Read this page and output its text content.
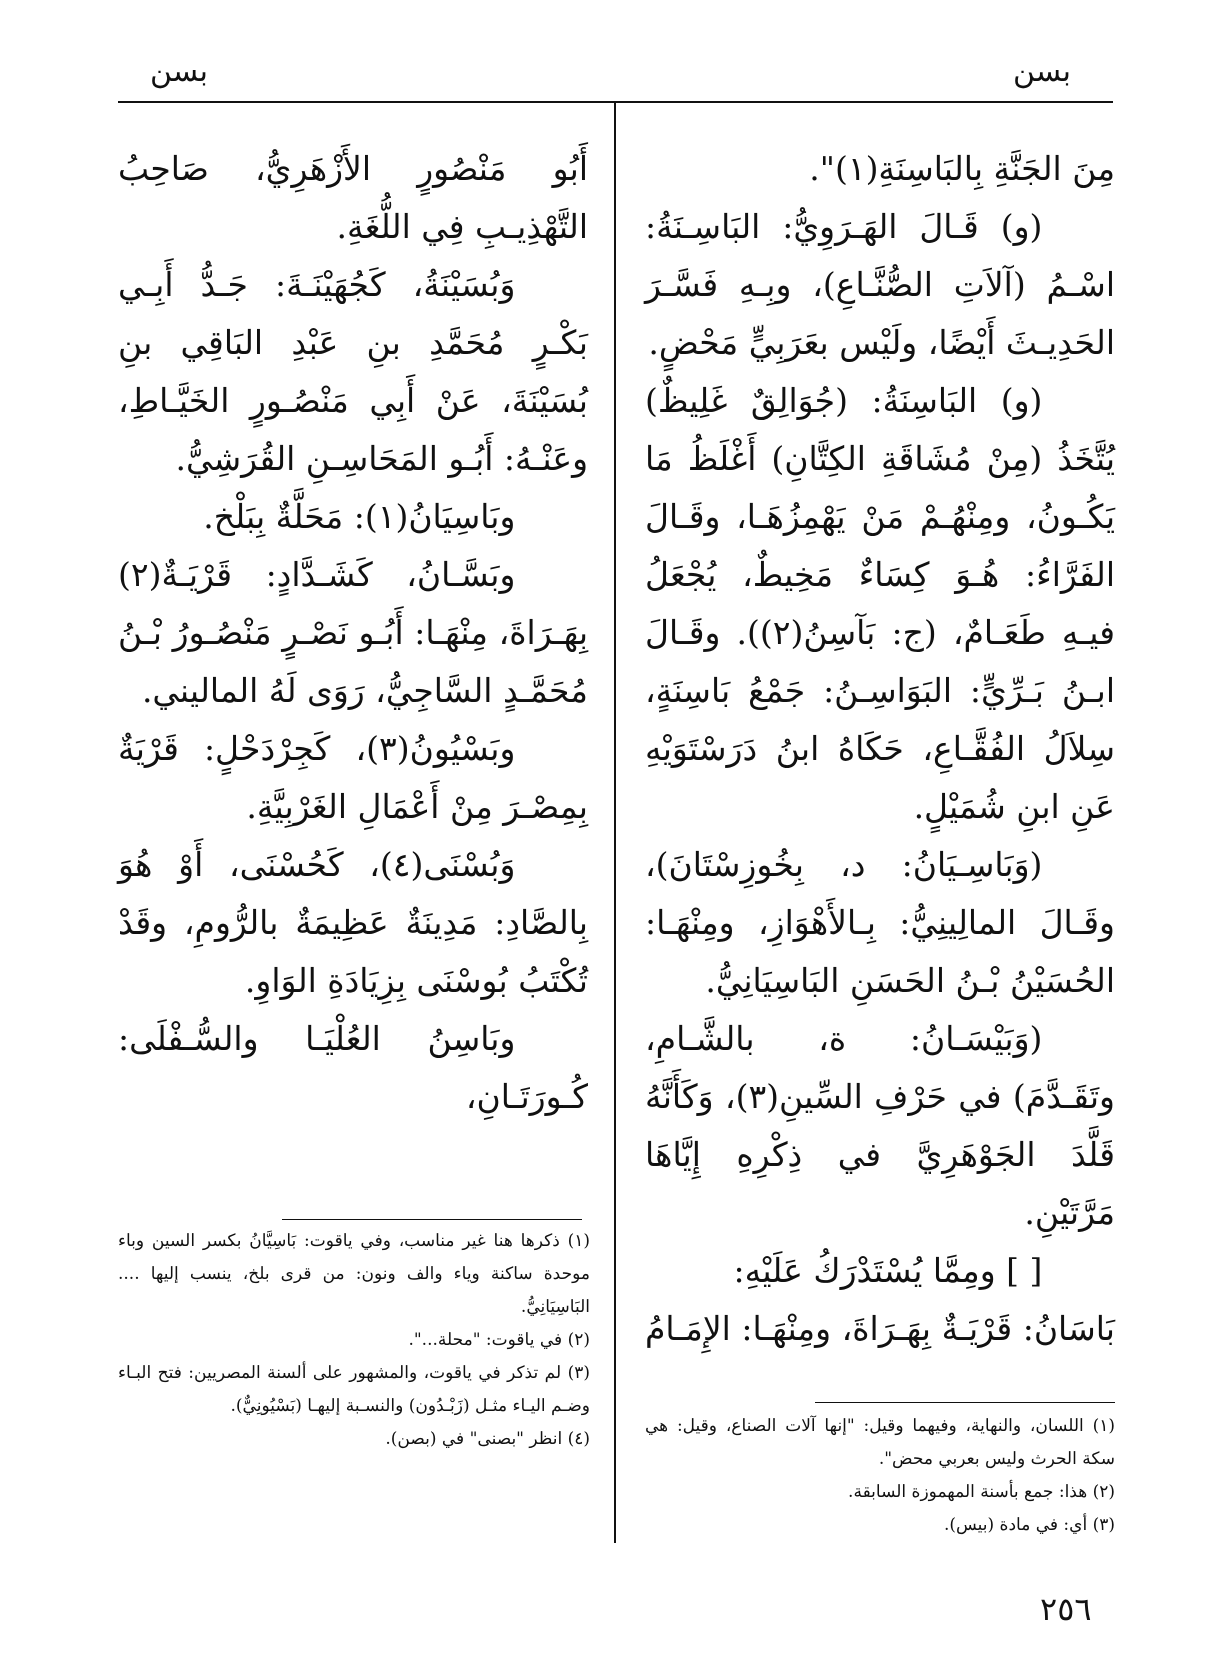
بسن	بسن

مِنَ الجَنَّةِ بِالبَاسِنَةِ(١)".

(و) قَـالَ الهَـرَوِيُّ: البَاسِـنَةُ: اسْـمُ (آلاَتِ الصُّنَّـاعِ)، وبِـهِ فَسَّـرَ الحَدِيـثَ أَيْضًا، ولَيْس بعَرَبِيٍّ مَحْضٍ.

(و) البَاسِنَةُ: (جُوَالِقٌ غَلِيظٌ) يُتَّخَذُ (مِنْ مُشَاقَةِ الكِتَّانِ) أَغْلَظُ مَا يَكُـونُ، ومِنْهُـمْ مَنْ يَهْمِزُهَـا، وقَـالَ الفَرَّاءُ: هُـوَ كِسَاءٌ مَخِيطٌ، يُجْعَلُ فيـهِ طَعَـامٌ، (ج: بَآسِنُ(٢)). وقَـالَ ابـنُ بَـرِّيٍّ: البَوَاسِـنُ: جَمْعُ بَاسِنَةٍ، سِلاَلُ الفُقَّـاعِ، حَكَاهُ ابنُ دَرَسْتَوَيْهِ عَنِ ابنِ شُمَيْلٍ.

(وَبَاسِـيَانُ: د، بِخُوزِسْتَانَ)، وقَـالَ المالِينِيُّ: بِـالأَهْوَازِ، ومِنْهَـا: الحُسَيْنُ بْـنُ الحَسَنِ البَاسِيَانِيُّ.

(وَبَيْسَـانُ: ة، بالشَّـامِ، وتَقَـدَّمَ) في حَرْفِ السِّينِ(٣)، وَكَأَنَّهُ قَلَّدَ الجَوْهَرِيَّ في ذِكْرِهِ إِيَّاهَا مَرَّتَيْنِ.

[ ] ومِمَّا يُسْتَدْرَكُ عَلَيْهِ:

بَاسَانُ: قَرْيَـةٌ بِهَـرَاةَ، ومِنْهَـا: الإِمَـامُ

أَبُو مَنْصُورٍ الأَزْهَرِيُّ، صَاحِبُ التَّهْذِيـبِ فِي اللُّغَةِ.

وَبُسَيْنَةُ، كَجُهَيْنَـةَ: جَـدُّ أَبِـي بَكْـرٍ مُحَمَّدِ بنِ عَبْدِ البَاقِي بنِ بُسَيْنَةَ، عَنْ أَبِي مَنْصُـورٍ الخَيَّـاطِ، وعَنْـهُ: أَبُـو المَحَاسِـنِ القُرَشِيُّ.

وبَاسِيَانُ(١): مَحَلَّةٌ بِبَلْخ.

وبَسَّـانُ، كَشَـدَّادٍ: قَرْيَـةٌ(٢) بِهَـرَاةَ، مِنْهَـا: أَبُـو نَصْـرٍ مَنْصُـورُ بْـنُ مُحَمَّـدٍ السَّاجِيُّ، رَوَى لَهُ الماليني.

وبَسْيُونُ(٣)، كَجِرْدَحْلٍ: قَرْيَةٌ بِمِصْـرَ مِنْ أَعْمَالِ الغَرْبِيَّةِ.

وَبُسْنَى(٤)، كَحُسْنَى، أَوْ هُوَ بِالصَّادِ: مَدِينَةٌ عَظِيمَةٌ بالرُّومِ، وقَدْ تُكْتَبُ بُوسْنَى بِزِيَادَةِ الوَاوِ.

وبَاسِنُ العُلْيَـا والسُّـفْلَى: كُـورَتَـانِ،

(١) ذكرها هنا غير مناسب، وفي ياقوت: بَاسِيَّانُ بكسر السين وباء موحدة ساكنة وياء والف ونون: من قرى بلخ، ينسب إليها .... البَاسِيَانِيُّ.

(٢) في ياقوت: "محلة...".

(٣) لم تذكر في ياقوت، والمشهور على ألسنة المصريين: فتح البـاء وضـم اليـاء مثـل (زَبْـدُون) والنسـبة إليهـا (بَسْيُونِيٌّ).

(٤) انظر "بصنى" في (بصن).

(١) اللسان، والنهاية، وفيهما وقيل: "إنها آلات الصناع، وقيل: هي سكة الحرث وليس بعربي محض".

(٢) هذا: جمع بأسنة المهموزة السابقة.

(٣) أي: في مادة (بيس).

٢٥٦
